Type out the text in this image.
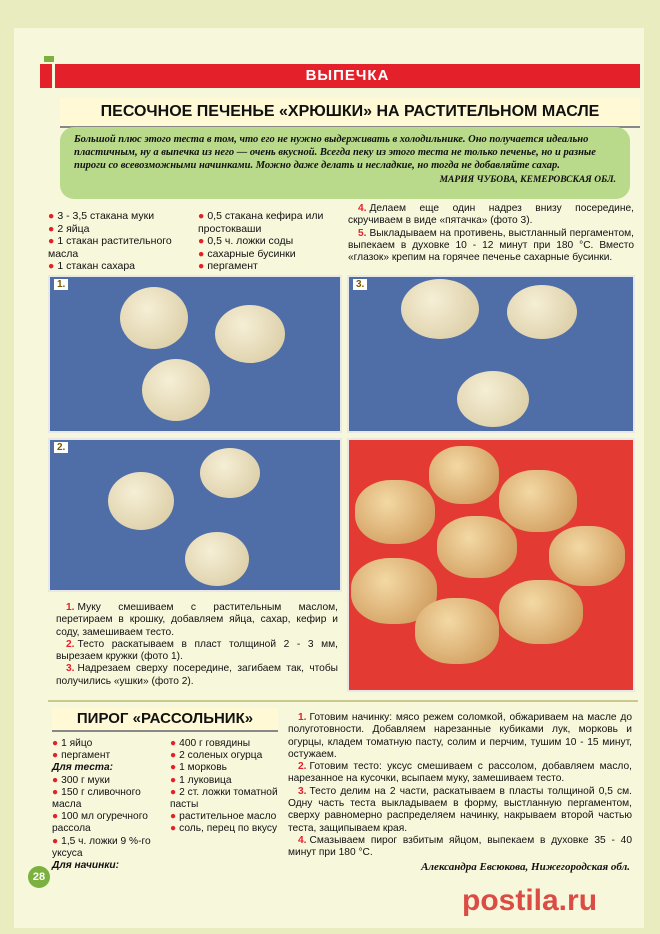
ВЫПЕЧКА
ПЕСОЧНОЕ ПЕЧЕНЬЕ «ХРЮШКИ» НА РАСТИТЕЛЬНОМ МАСЛЕ
Большой плюс этого теста в том, что его не нужно выдерживать в холодильнике. Оно получается идеально пластичным, ну а выпечка из него — очень вкусной. Всегда пеку из этого теста не только печенье, но и разные пироги со всевозможными начинками. Можно даже делать и несладкие, но тогда не добавляйте сахар.
МАРИЯ ЧУБОВА, КЕМЕРОВСКАЯ ОБЛ.
● 3 - 3,5 стакана муки
● 2 яйца
● 1 стакан растительного масла
● 1 стакан сахара
● 0,5 стакана кефира или простокваши
● 0,5 ч. ложки соды
● сахарные бусинки
● пергамент
4. Делаем еще один надрез внизу посередине, скручиваем в виде «пятачка» (фото 3).
5. Выкладываем на противень, выстланный пергаментом, выпекаем в духовке 10 - 12 минут при 180 °С. Вместо «глазок» крепим на горячее печенье сахарные бусинки.
1.	3.
2.
1. Муку смешиваем с растительным маслом, перетираем в крошку, добавляем яйца, сахар, кефир и соду, замешиваем тесто.
2. Тесто раскатываем в пласт толщиной 2 - 3 мм, вырезаем кружки (фото 1).
3. Надрезаем сверху посередине, загибаем так, чтобы получились «ушки» (фото 2).
ПИРОГ «РАССОЛЬНИК»
● 1 яйцо
● пергамент
Для теста:
● 300 г муки
● 150 г сливочного масла
● 100 мл огуречного рассола
● 1,5 ч. ложки 9 %-го уксуса
Для начинки:
● 400 г говядины
● 2 соленых огурца
● 1 морковь
● 1 луковица
● 2 ст. ложки томатной пасты
● растительное масло
● соль, перец по вкусу
1. Готовим начинку: мясо режем соломкой, обжариваем на масле до полуготовности. Добавляем нарезанные кубиками лук, морковь и огурцы, кладем томатную пасту, солим и перчим, тушим 10 - 15 минут, остужаем.
2. Готовим тесто: уксус смешиваем с рассолом, добавляем масло, нарезанное на кусочки, всыпаем муку, замешиваем тесто.
3. Тесто делим на 2 части, раскатываем в пласты толщиной 0,5 см. Одну часть теста выкладываем в форму, выстланную пергаментом, сверху равномерно распределяем начинку, накрываем второй частью теста, защипываем края.
4. Смазываем пирог взбитым яйцом, выпекаем в духовке 35 - 40 минут при 180 °С.
Александра Евсюкова, Нижегородская обл.
28
postila.ru
